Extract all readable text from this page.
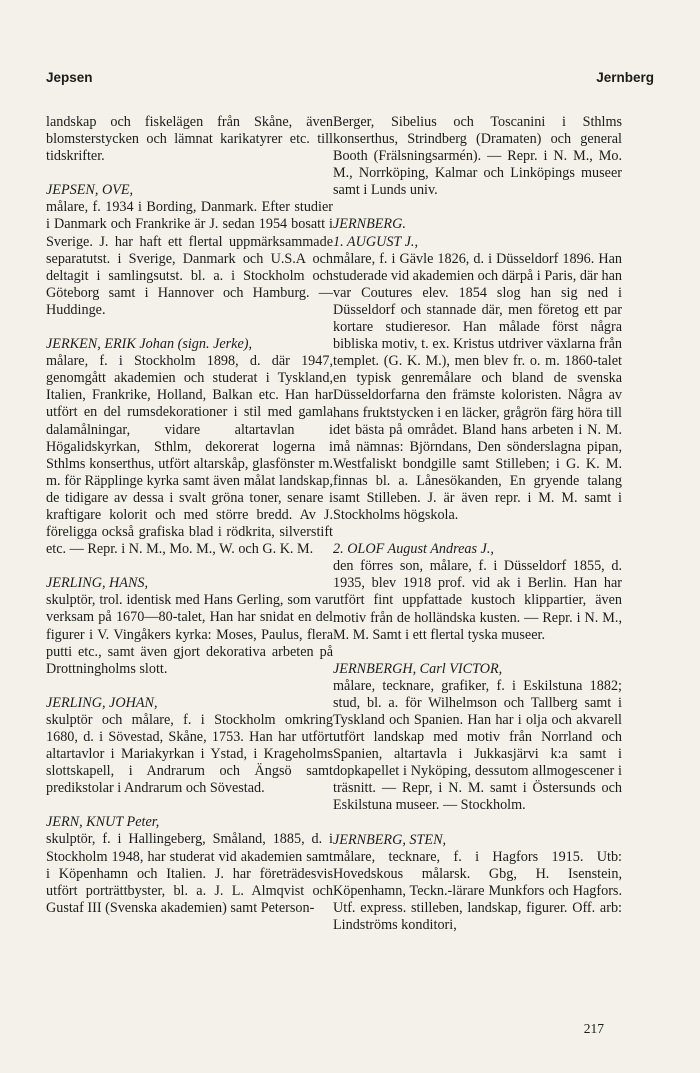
Jepsen	Jernberg

landskap och fiskelägen från Skåne, även blomsterstycken och lämnat karikatyrer etc. till tidskrifter.

JEPSEN, OVE,

målare, f. 1934 i Bording, Danmark. Efter studier i Danmark och Frankrike är J. sedan 1954 bosatt i Sverige. J. har haft ett flertal uppmärksammade separatutst. i Sverige, Danmark och U.S.A och deltagit i samlingsutst. bl. a. i Stockholm och Göteborg samt i Hannover och Hamburg. — Huddinge.

JERKEN, ERIK Johan (sign. Jerke),

målare, f. i Stockholm 1898, d. där 1947, genomgått akademien och studerat i Tyskland, Italien, Frankrike, Holland, Balkan etc. Han har utfört en del rumsdekorationer i stil med gamla dalamålningar, vidare altartavlan i Högalidskyrkan, Sthlm, dekorerat logerna i Sthlms konserthus, utfört altarskåp, glasfönster m. m. för Räpplinge kyrka samt även målat landskap, de tidigare av dessa i svalt gröna toner, senare i kraftigare kolorit och med större bredd. Av J. föreligga också grafiska blad i rödkrita, silverstift etc. — Repr. i N. M., Mo. M., W. och G. K. M.

JERLING, HANS,

skulptör, trol. identisk med Hans Gerling, som var verksam på 1670—80-talet, Han har snidat en del figurer i V. Vingåkers kyrka: Moses, Paulus, flera putti etc., samt även gjort dekorativa arbeten på Drottningholms slott.

JERLING, JOHAN,

skulptör och målare, f. i Stockholm omkring 1680, d. i Sövestad, Skåne, 1753. Han har utfört altartavlor i Mariakyrkan i Ystad, i Krageholms slottskapell, i Andrarum och Ängsö samt predikstolar i Andrarum och Sövestad.

JERN, KNUT Peter,

skulptör, f. i Hallingeberg, Småland, 1885, d. i Stockholm 1948, har studerat vid akademien samt i Köpenhamn och Italien. J. har företrädesvis utfört porträttbyster, bl. a. J. L. Almqvist och Gustaf III (Svenska akademien) samt Peterson-

Berger, Sibelius och Toscanini i Sthlms konserthus, Strindberg (Dramaten) och general Booth (Frälsningsarmén). — Repr. i N. M., Mo. M., Norrköping, Kalmar och Linköpings museer samt i Lunds univ.

JERNBERG.

1. AUGUST J.,

målare, f. i Gävle 1826, d. i Düsseldorf 1896. Han studerade vid akademien och därpå i Paris, där han var Coutures elev. 1854 slog han sig ned i Düsseldorf och stannade där, men företog ett par kortare studieresor. Han målade först några bibliska motiv, t. ex. Kristus utdriver växlarna från templet. (G. K. M.), men blev fr. o. m. 1860-talet en typisk genremålare och bland de svenska Düsseldorfarna den främste koloristen. Några av hans fruktstycken i en läcker, grågrön färg höra till det bästa på området. Bland hans arbeten i N. M. må nämnas: Björndans, Den sönderslagna pipan, Westfaliskt bondgille samt Stilleben; i G. K. M. finnas bl. a. Lånesökanden, En gryende talang samt Stilleben. J. är även repr. i M. M. samt i Stockholms högskola.

2. OLOF August Andreas J.,

den förres son, målare, f. i Düsseldorf 1855, d. 1935, blev 1918 prof. vid ak i Berlin. Han har utfört fint uppfattade kustoch klippartier, även motiv från de holländska kusten. — Repr. i N. M., M. M. Samt i ett flertal tyska museer.

JERNBERGH, Carl VICTOR,

målare, tecknare, grafiker, f. i Eskilstuna 1882; stud, bl. a. för Wilhelmson och Tallberg samt i Tyskland och Spanien. Han har i olja och akvarell utfört landskap med motiv från Norrland och Spanien, altartavla i Jukkasjärvi k:a samt i dopkapellet i Nyköping, dessutom allmogescener i träsnitt. — Repr, i N. M. samt i Östersunds och Eskilstuna museer. — Stockholm.

JERNBERG, STEN,

målare, tecknare, f. i Hagfors 1915. Utb: Hovedskous målarsk. Gbg, H. Isenstein, Köpenhamn, Teckn.-lärare Munkfors och Hagfors. Utf. express. stilleben, landskap, figurer. Off. arb: Lindströms konditori,

217
